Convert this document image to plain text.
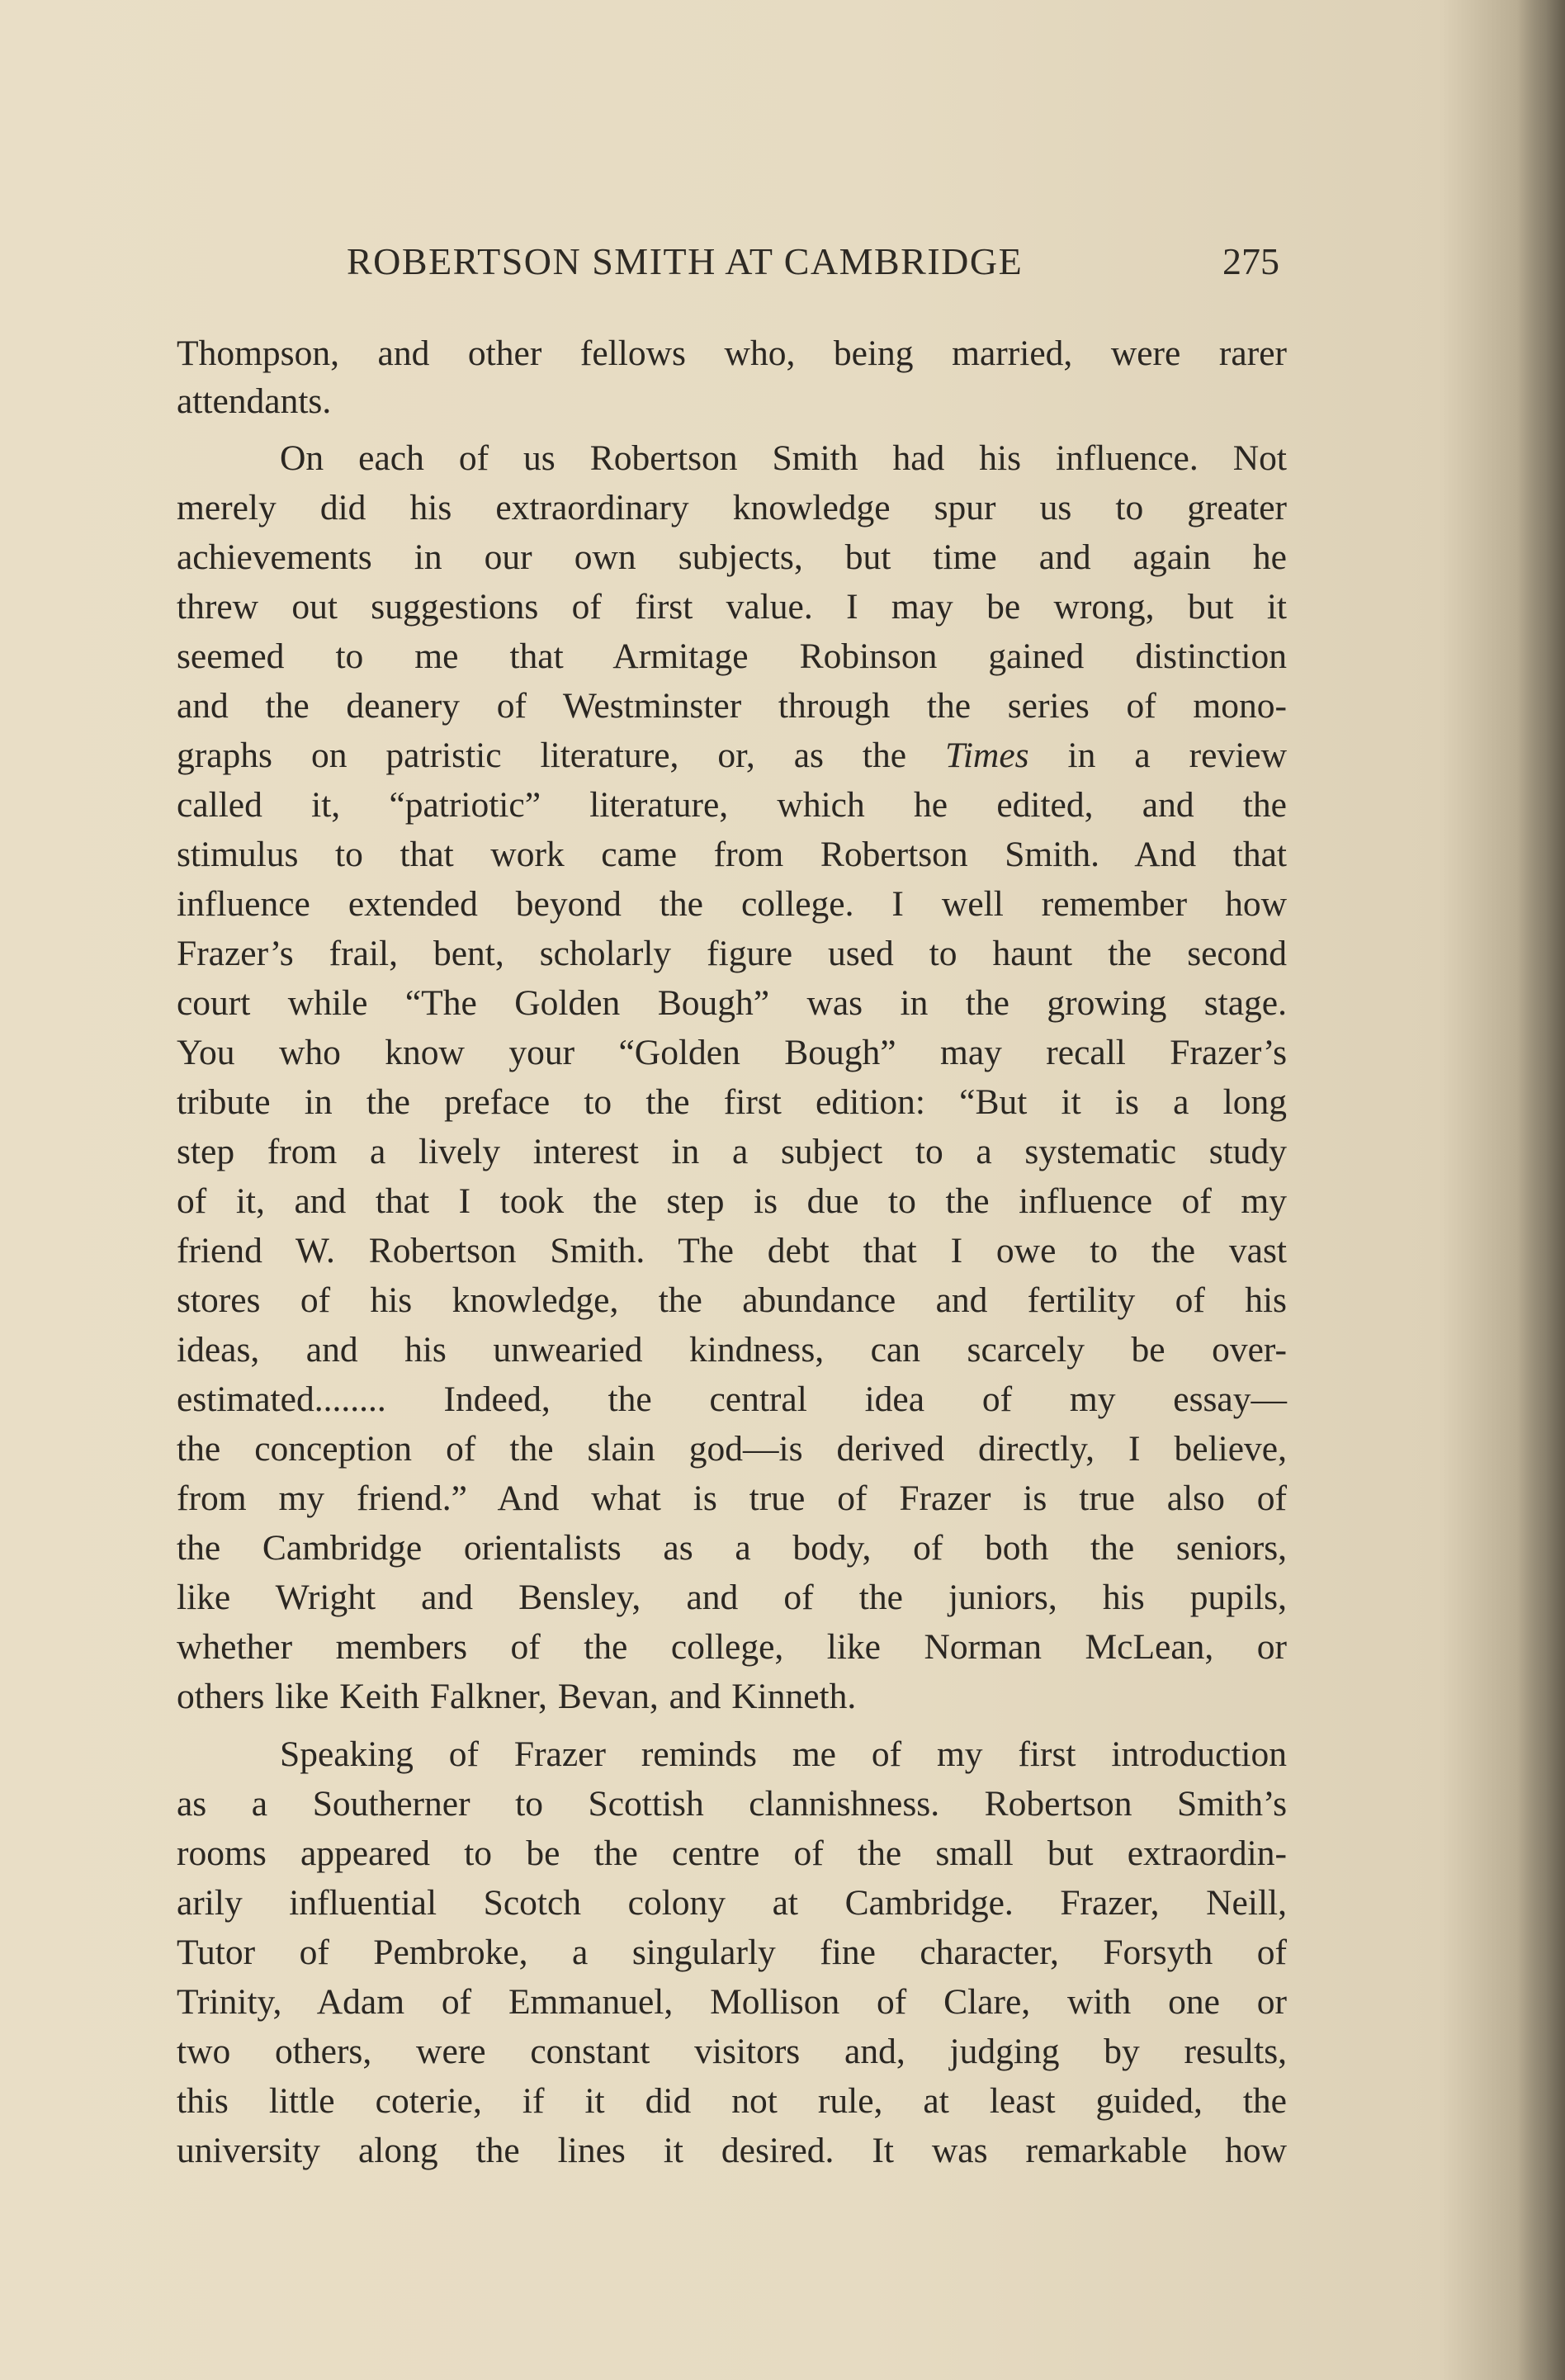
ROBERTSON SMITH AT CAMBRIDGE	275
Thompson, and other fellows who, being married, were rarer
attendants.
On each of us Robertson Smith had his influence. Not
merely did his extraordinary knowledge spur us to greater
achievements in our own subjects, but time and again he
threw out suggestions of first value. I may be wrong, but it
seemed to me that Armitage Robinson gained distinction
and the deanery of Westminster through the series of mono-
graphs on patristic literature, or, as the Times in a review
called it, “patriotic” literature, which he edited, and the
stimulus to that work came from Robertson Smith. And that
influence extended beyond the college. I well remember how
Frazer’s frail, bent, scholarly figure used to haunt the second
court while “The Golden Bough” was in the growing stage.
You who know your “Golden Bough” may recall Frazer’s
tribute in the preface to the first edition: “But it is a long
step from a lively interest in a subject to a systematic study
of it, and that I took the step is due to the influence of my
friend W. Robertson Smith. The debt that I owe to the vast
stores of his knowledge, the abundance and fertility of his
ideas, and his unwearied kindness, can scarcely be over-
estimated........ Indeed, the central idea of my essay—
the conception of the slain god—is derived directly, I believe,
from my friend.” And what is true of Frazer is true also of
the Cambridge orientalists as a body, of both the seniors,
like Wright and Bensley, and of the juniors, his pupils,
whether members of the college, like Norman McLean, or
others like Keith Falkner, Bevan, and Kinneth.
Speaking of Frazer reminds me of my first introduction
as a Southerner to Scottish clannishness. Robertson Smith’s
rooms appeared to be the centre of the small but extraordin-
arily influential Scotch colony at Cambridge. Frazer, Neill,
Tutor of Pembroke, a singularly fine character, Forsyth of
Trinity, Adam of Emmanuel, Mollison of Clare, with one or
two others, were constant visitors and, judging by results,
this little coterie, if it did not rule, at least guided, the
university along the lines it desired. It was remarkable how
